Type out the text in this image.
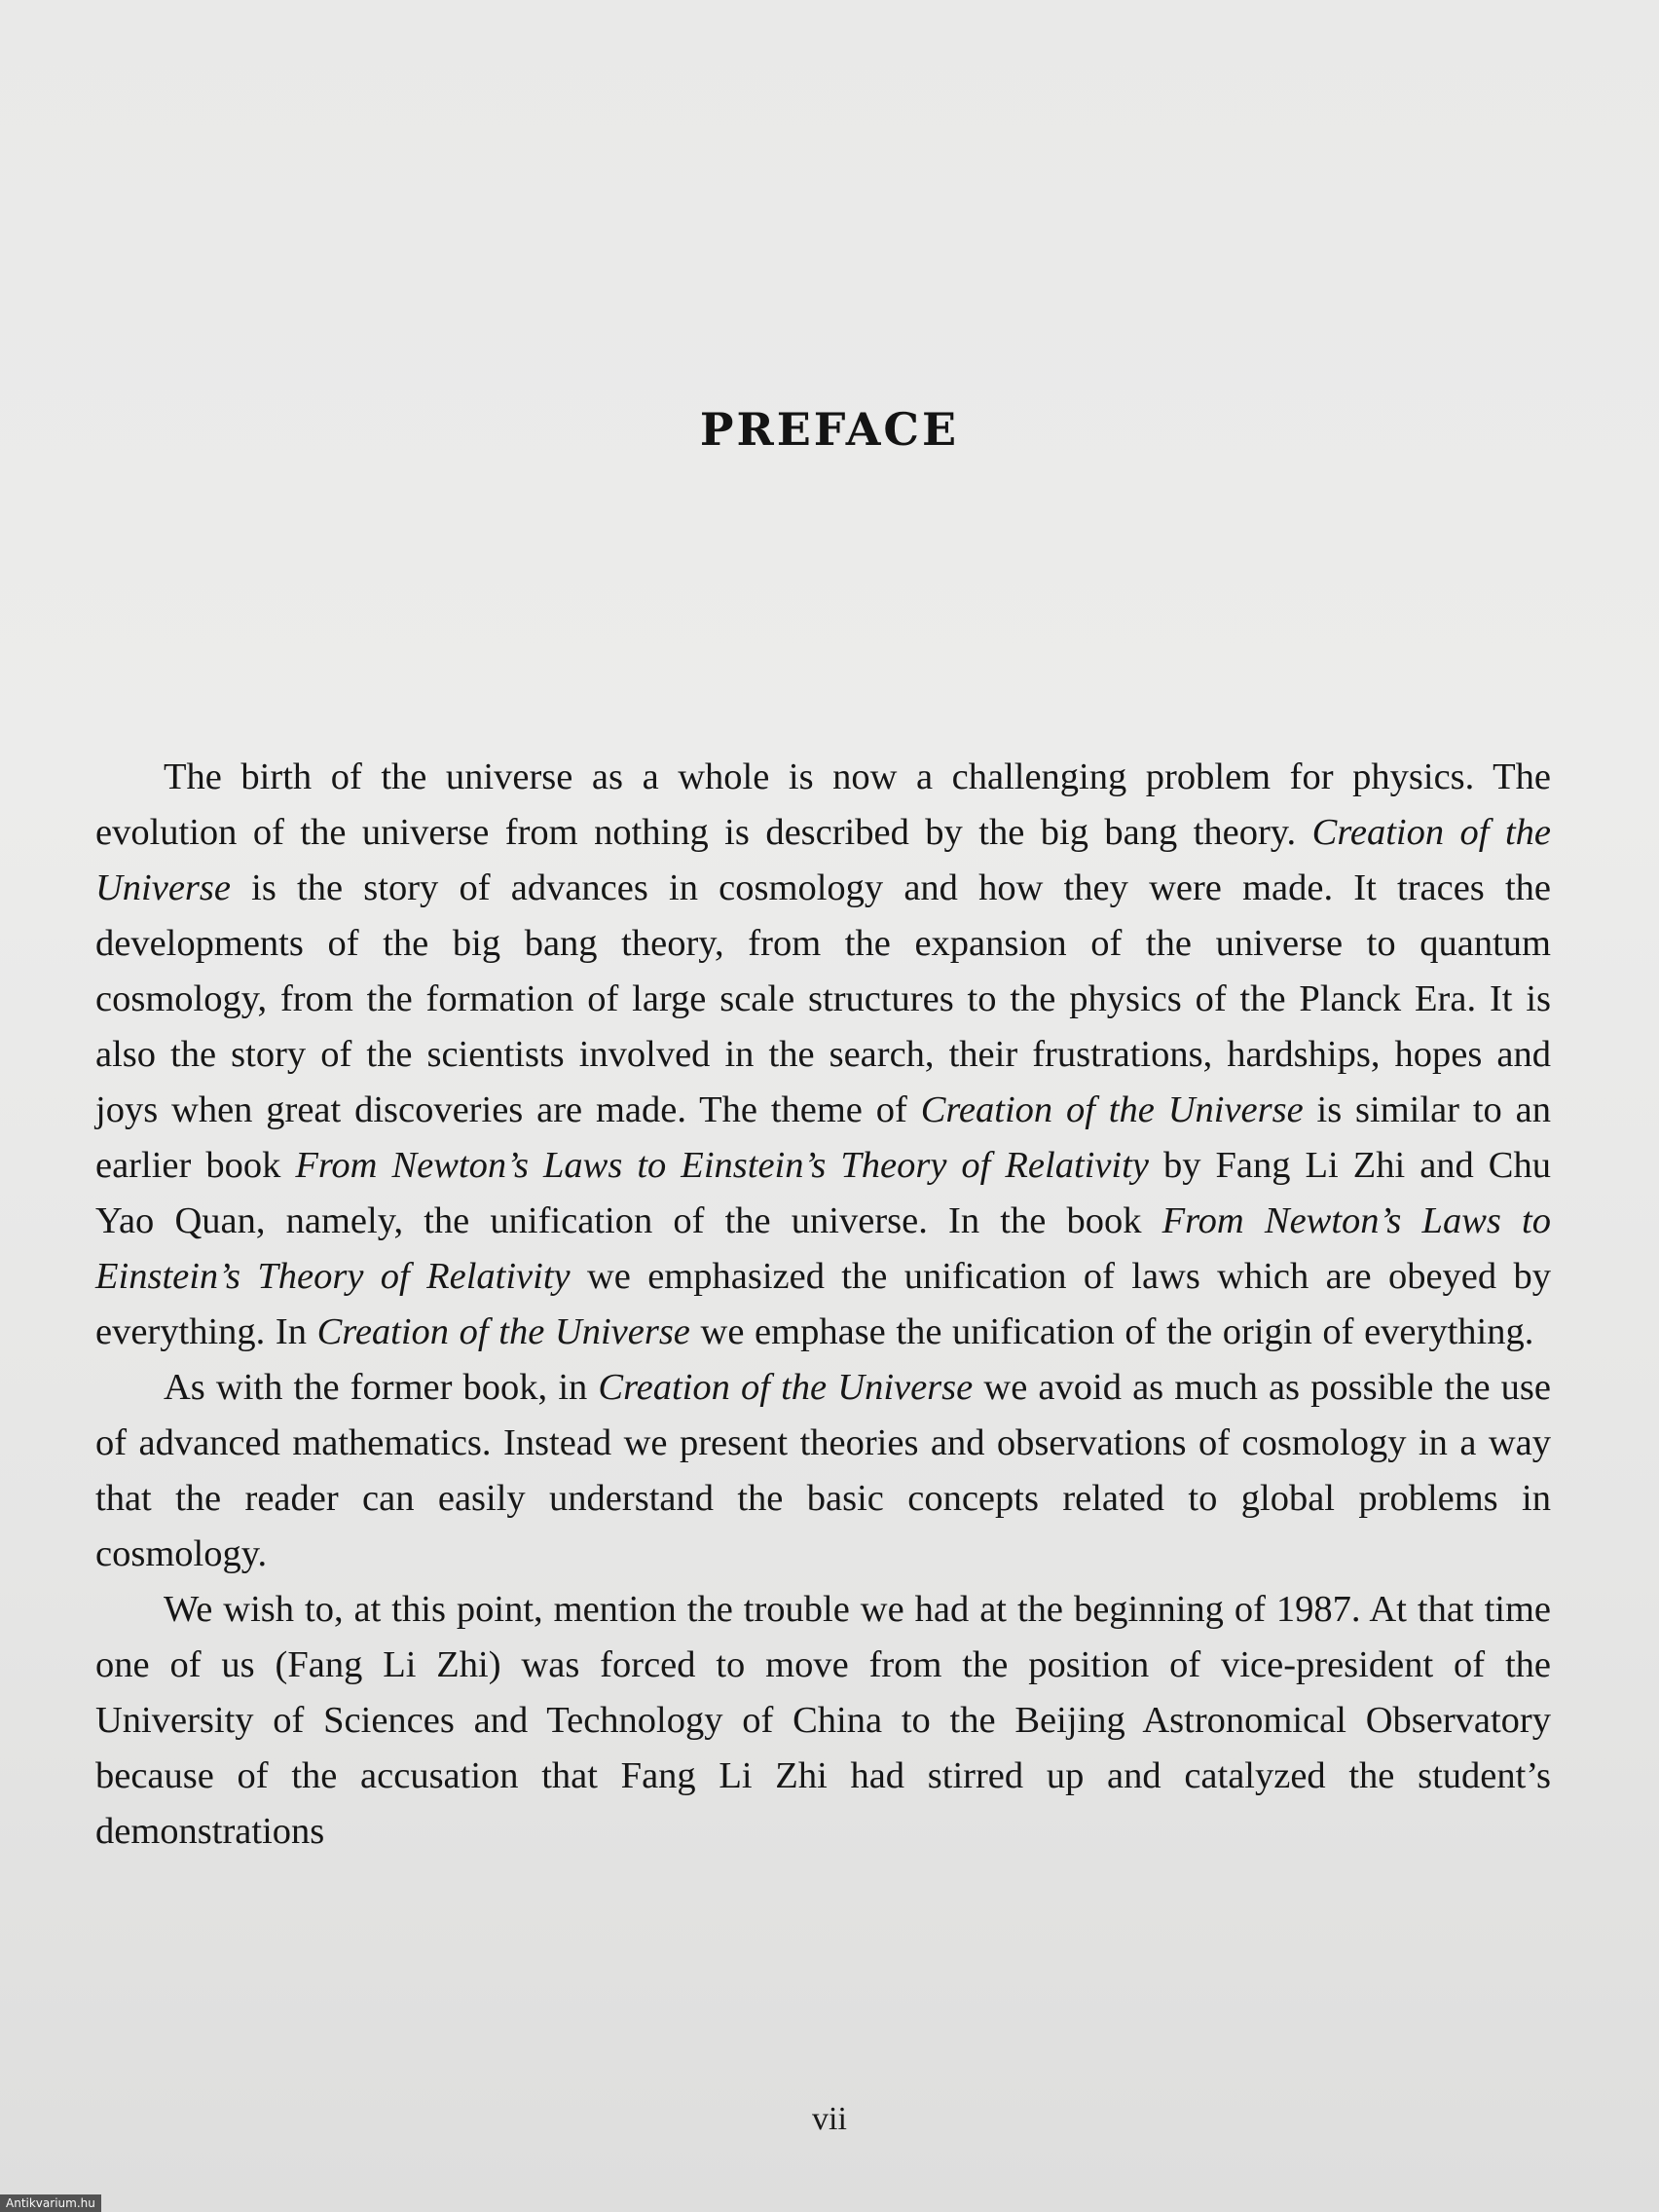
PREFACE

The birth of the universe as a whole is now a challenging problem for physics. The evolution of the universe from nothing is described by the big bang theory. Creation of the Universe is the story of advances in cosmology and how they were made. It traces the developments of the big bang theory, from the expansion of the universe to quantum cosmology, from the formation of large scale structures to the physics of the Planck Era. It is also the story of the scientists involved in the search, their frustrations, hardships, hopes and joys when great discoveries are made. The theme of Creation of the Universe is similar to an earlier book From Newton’s Laws to Einstein’s Theory of Relativity by Fang Li Zhi and Chu Yao Quan, namely, the unification of the universe. In the book From Newton’s Laws to Einstein’s Theory of Relativity we emphasized the unification of laws which are obeyed by everything. In Creation of the Universe we emphase the unification of the origin of everything.

As with the former book, in Creation of the Universe we avoid as much as possible the use of advanced mathematics. Instead we present theories and observations of cosmology in a way that the reader can easily understand the basic concepts related to global problems in cosmology.

We wish to, at this point, mention the trouble we had at the beginning of 1987. At that time one of us (Fang Li Zhi) was forced to move from the position of vice-president of the University of Sciences and Technology of China to the Beijing Astronomical Observatory because of the accusation that Fang Li Zhi had stirred up and catalyzed the student’s demonstrations

vii
Antikvarium.hu
